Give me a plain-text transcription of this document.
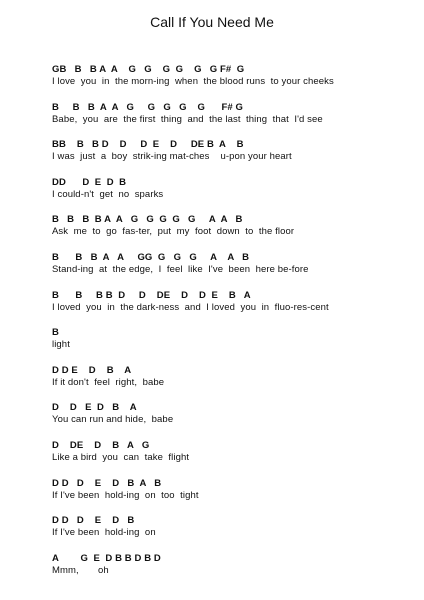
Call If You Need Me
GB   B   B A  A    G   G    G  G    G   G F#  G
I love  you  in  the morn-ing  when  the blood runs  to your cheeks
B     B   B  A  A   G     G   G   G    G      F# G
Babe,  you  are  the first  thing  and  the last  thing  that  I'd see
BB    B   B D    D     D  E    D     DE B  A    B
I was  just  a  boy  strik-ing mat-ches    u-pon your heart
DD      D  E  D  B
I could-n't  get  no  sparks
B   B   B  B A  A   G   G  G  G   G     A  A   B
Ask  me  to  go  fas-ter,  put  my  foot  down  to  the floor
B      B   B  A   A     GG  G   G   G     A    A   B
Stand-ing  at  the edge,  I  feel  like  I've  been  here be-fore
B      B     B B  D     D    DE    D    D  E    B   A
I loved  you  in  the dark-ness  and  I loved  you  in  fluo-res-cent
B
light
D D E    D    B    A
If it don't  feel  right,  babe
D    D   E  D   B    A
You can run and hide,  babe
D    DE    D    B   A   G
Like a bird  you  can  take  flight
D D   D    E    D   B  A   B
If I've been  hold-ing  on  too  tight
D D   D    E    D   B
If I've been  hold-ing  on
A        G  E  D B B D B D
Mmm,       oh
